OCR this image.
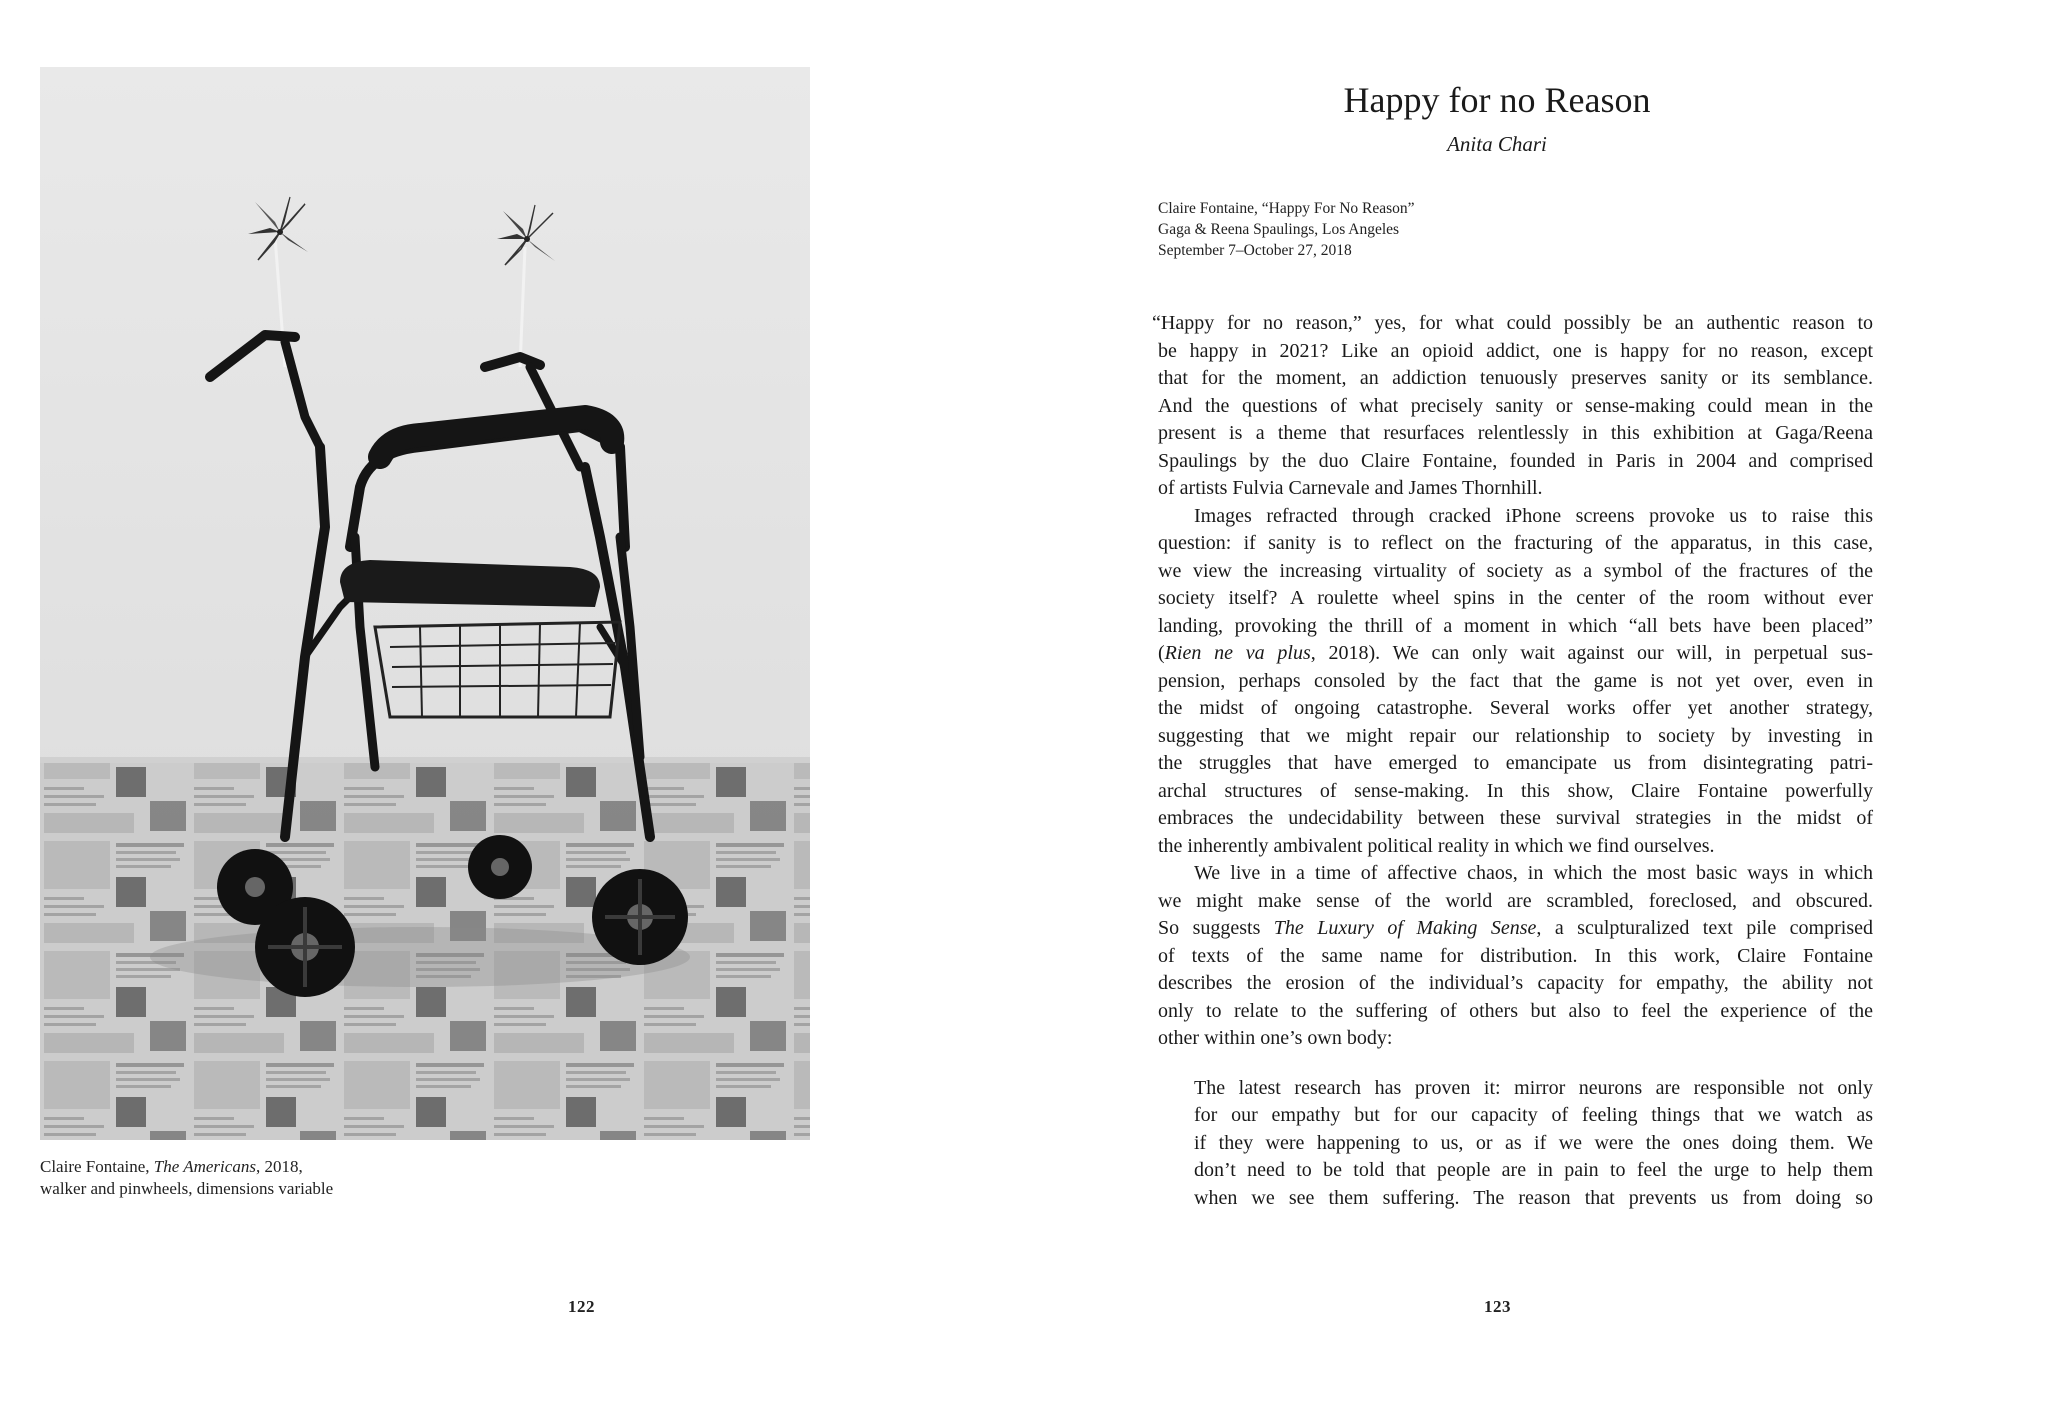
Claire Fontaine, The Americans, 2018,
walker and pinwheels, dimensions variable
122
Happy for no Reason
Anita Chari
Claire Fontaine, “Happy For No Reason”
Gaga & Reena Spaulings, Los Angeles
September 7–October 27, 2018
“Happy for no reason,” yes, for what could possibly be an authentic reason to
be happy in 2021? Like an opioid addict, one is happy for no reason, except
that for the moment, an addiction tenuously preserves sanity or its semblance.
And the questions of what precisely sanity or sense-making could mean in the
present is a theme that resurfaces relentlessly in this exhibition at Gaga/Reena
Spaulings by the duo Claire Fontaine, founded in Paris in 2004 and comprised
of artists Fulvia Carnevale and James Thornhill.
Images refracted through cracked iPhone screens provoke us to raise this
question: if sanity is to reflect on the fracturing of the apparatus, in this case,
we view the increasing virtuality of society as a symbol of the fractures of the
society itself? A roulette wheel spins in the center of the room without ever
landing, provoking the thrill of a moment in which “all bets have been placed”
(Rien ne va plus, 2018). We can only wait against our will, in perpetual sus-
pension, perhaps consoled by the fact that the game is not yet over, even in
the midst of ongoing catastrophe. Several works offer yet another strategy,
suggesting that we might repair our relationship to society by investing in
the struggles that have emerged to emancipate us from disintegrating patri-
archal structures of sense-making. In this show, Claire Fontaine powerfully
embraces the undecidability between these survival strategies in the midst of
the inherently ambivalent political reality in which we find ourselves.
We live in a time of affective chaos, in which the most basic ways in which
we might make sense of the world are scrambled, foreclosed, and obscured.
So suggests The Luxury of Making Sense, a sculpturalized text pile comprised
of texts of the same name for distribution. In this work, Claire Fontaine
describes the erosion of the individual’s capacity for empathy, the ability not
only to relate to the suffering of others but also to feel the experience of the
other within one’s own body:
The latest research has proven it: mirror neurons are responsible not only
for our empathy but for our capacity of feeling things that we watch as
if they were happening to us, or as if we were the ones doing them. We
don’t need to be told that people are in pain to feel the urge to help them
when we see them suffering. The reason that prevents us from doing so
123
